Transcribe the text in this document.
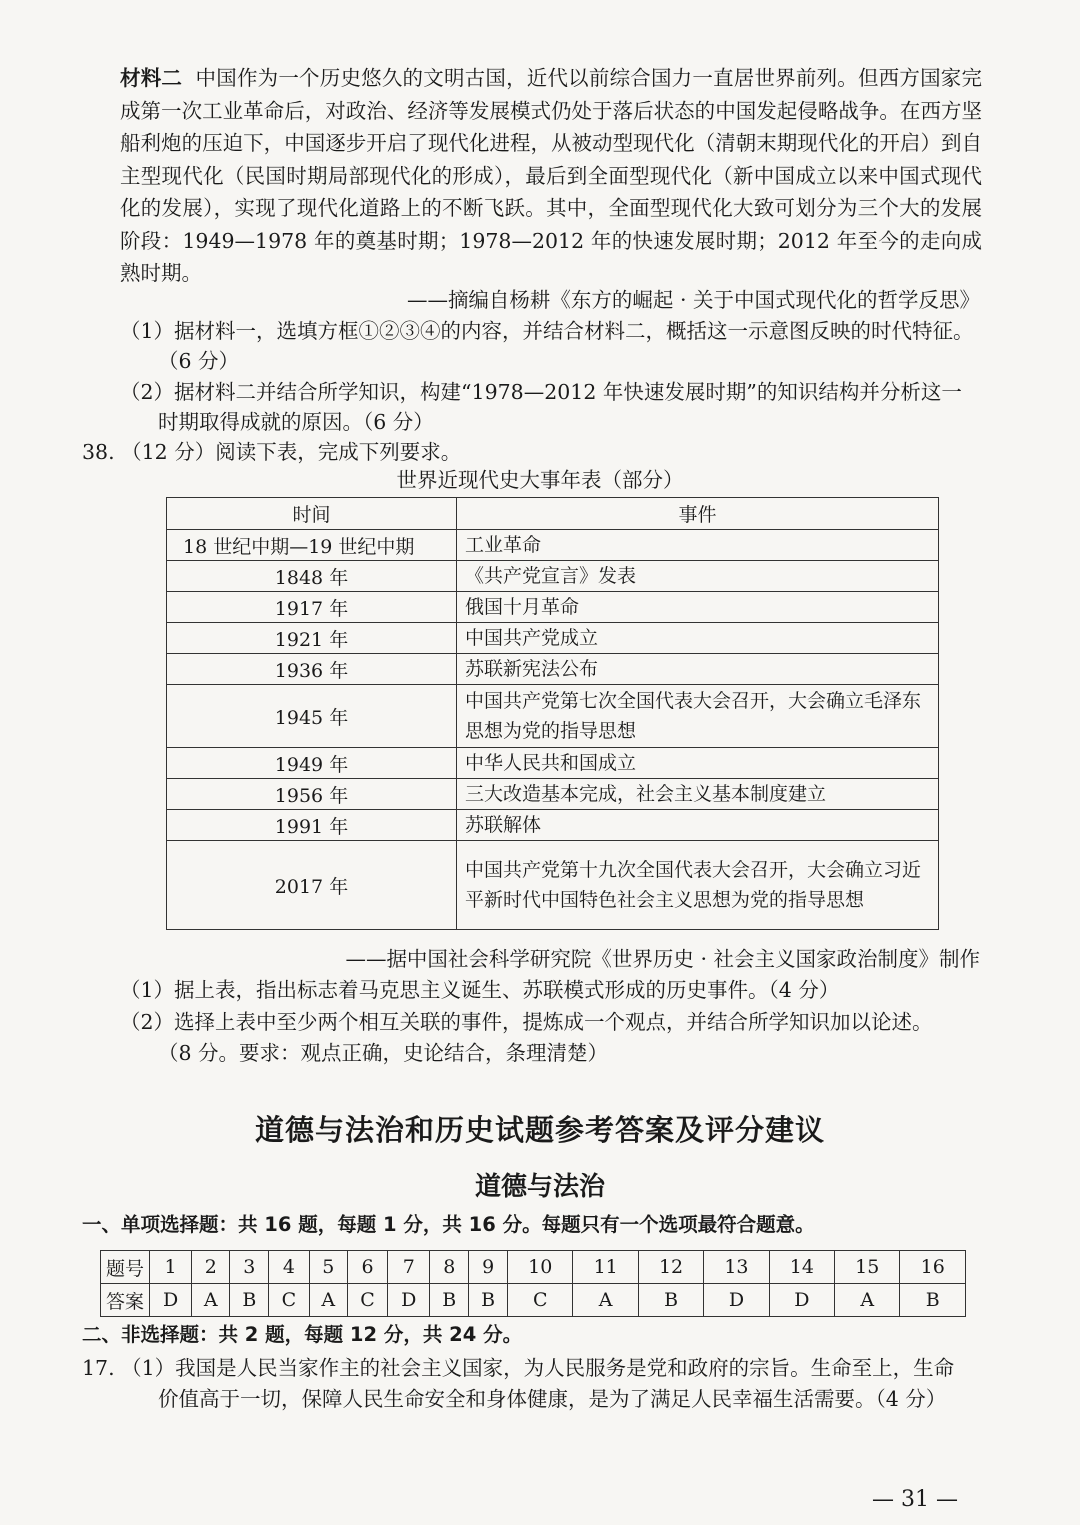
材料二 中国作为一个历史悠久的文明古国，近代以前综合国力一直居世界前列。但西方国家完成第一次工业革命后，对政治、经济等发展模式仍处于落后状态的中国发起侵略战争。在西方坚船利炮的压迫下，中国逐步开启了现代化进程，从被动型现代化（清朝末期现代化的开启）到自主型现代化（民国时期局部现代化的形成），最后到全面型现代化（新中国成立以来中国式现代化的发展），实现了现代化道路上的不断飞跃。其中，全面型现代化大致可划分为三个大的发展阶段：1949—1978 年的奠基时期；1978—2012 年的快速发展时期；2012 年至今的走向成熟时期。
——摘编自杨耕《东方的崛起 · 关于中国式现代化的哲学反思》
（1）据材料一，选填方框①②③④的内容，并结合材料二，概括这一示意图反映的时代特征。
（6 分）
（2）据材料二并结合所学知识，构建“1978—2012 年快速发展时期”的知识结构并分析这一
时期取得成就的原因。（6 分）
38. （12 分）阅读下表，完成下列要求。
世界近现代史大事年表（部分）
时间	事件
18 世纪中期—19 世纪中期	工业革命
1848 年	《共产党宣言》发表
1917 年	俄国十月革命
1921 年	中国共产党成立
1936 年	苏联新宪法公布
1945 年	中国共产党第七次全国代表大会召开，大会确立毛泽东思想为党的指导思想
1949 年	中华人民共和国成立
1956 年	三大改造基本完成，社会主义基本制度建立
1991 年	苏联解体
2017 年	中国共产党第十九次全国代表大会召开，大会确立习近平新时代中国特色社会主义思想为党的指导思想
——据中国社会科学研究院《世界历史 · 社会主义国家政治制度》制作
（1）据上表，指出标志着马克思主义诞生、苏联模式形成的历史事件。（4 分）
（2）选择上表中至少两个相互关联的事件，提炼成一个观点，并结合所学知识加以论述。
（8 分。要求：观点正确，史论结合，条理清楚）
道德与法治和历史试题参考答案及评分建议
道德与法治
一、单项选择题：共 16 题，每题 1 分，共 16 分。每题只有一个选项最符合题意。
题号	1	2	3	4	5	6	7	8	9	10	11	12	13	14	15	16
答案	D	A	B	C	A	C	D	B	B	C	A	B	D	D	A	B
二、非选择题：共 2 题，每题 12 分，共 24 分。
17. （1）我国是人民当家作主的社会主义国家，为人民服务是党和政府的宗旨。生命至上，生命
价值高于一切，保障人民生命安全和身体健康，是为了满足人民幸福生活需要。（4 分）
— 31 —
